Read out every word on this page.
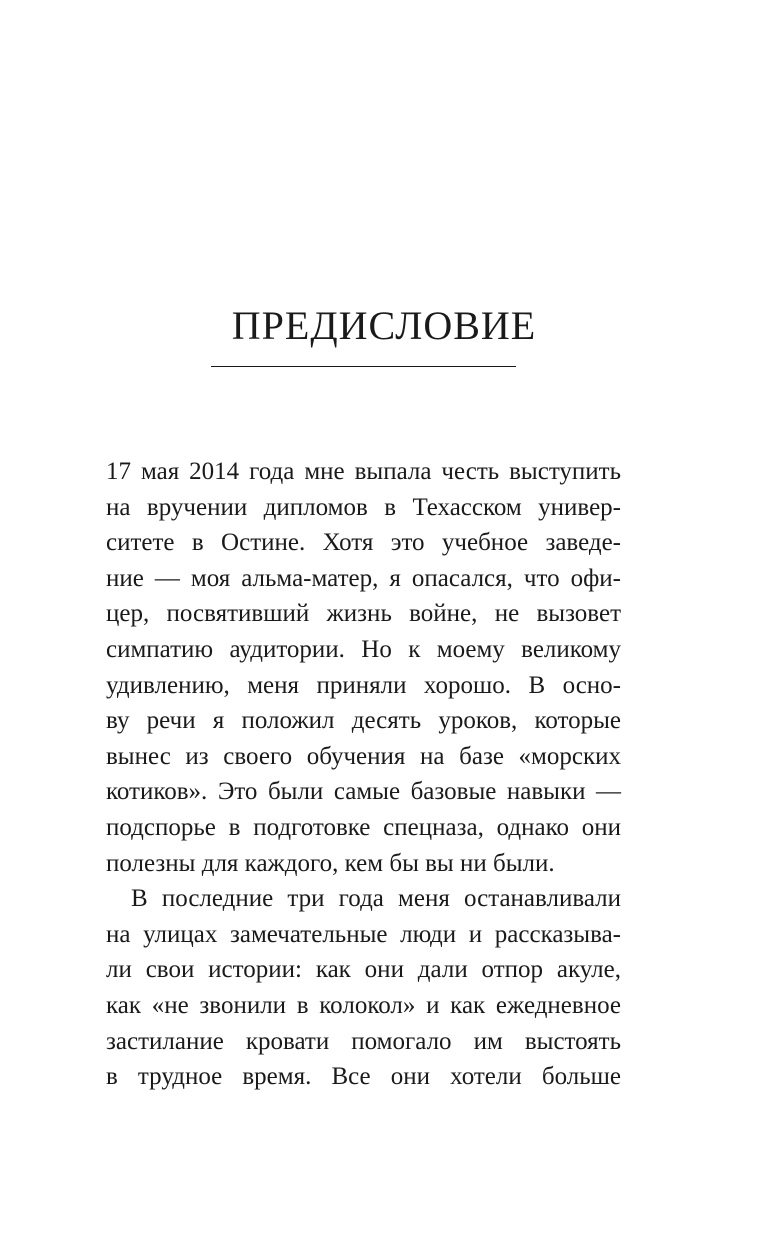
ПРЕДИСЛОВИЕ
17 мая 2014 года мне выпала честь выступить
на вручении дипломов в Техасском универ-
ситете в Остине. Хотя это учебное заведе-
ние — моя альма-матер, я опасался, что офи-
цер, посвятивший жизнь войне, не вызовет
симпатию аудитории. Но к моему великому
удивлению, меня приняли хорошо. В осно-
ву речи я положил десять уроков, которые
вынес из своего обучения на базе «морских
котиков». Это были самые базовые навыки —
подспорье в подготовке спецназа, однако они
полезны для каждого, кем бы вы ни были.
В последние три года меня останавливали
на улицах замечательные люди и рассказыва-
ли свои истории: как они дали отпор акуле,
как «не звонили в колокол» и как ежедневное
застилание кровати помогало им выстоять
в трудное время. Все они хотели больше
